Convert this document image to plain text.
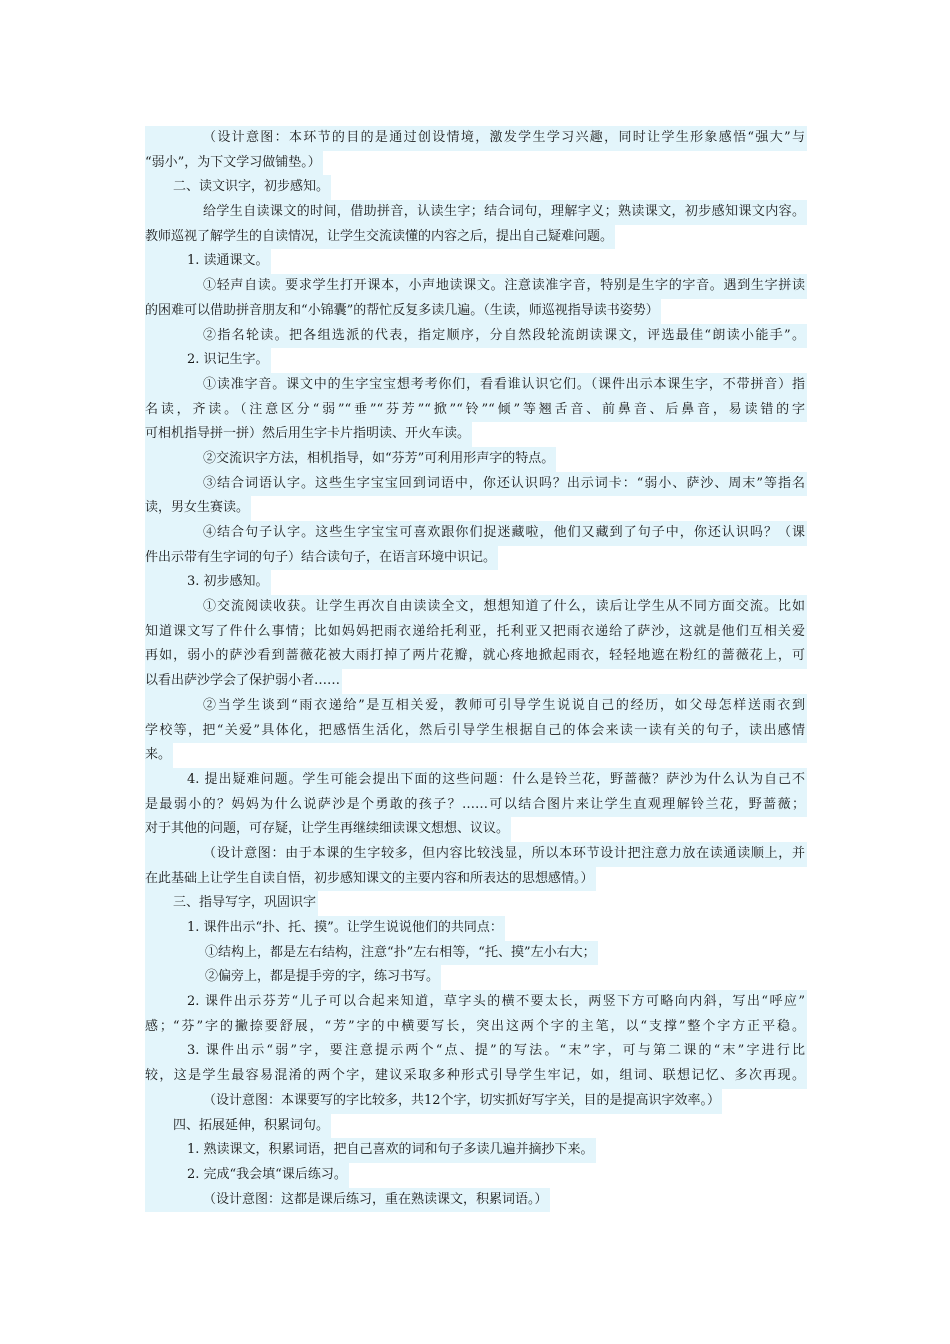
（设计意图：本环节的目的是通过创设情境，激发学生学习兴趣，同时让学生形象感悟“强大”与
“弱小”，为下文学习做铺垫。）
二、读文识字，初步感知。
给学生自读课文的时间，借助拼音，认读生字；结合词句，理解字义；熟读课文，初步感知课文内容。
教师巡视了解学生的自读情况，让学生交流读懂的内容之后，提出自己疑难问题。
1. 读通课文。
①轻声自读。要求学生打开课本，小声地读课文。注意读准字音，特别是生字的字音。遇到生字拼读
的困难可以借助拼音朋友和“小锦囊”的帮忙反复多读几遍。（生读，师巡视指导读书姿势）
②指名轮读。把各组选派的代表，指定顺序，分自然段轮流朗读课文，评选最佳“朗读小能手”。
2. 识记生字。
①读准字音。课文中的生字宝宝想考考你们，看看谁认识它们。（课件出示本课生字，不带拼音）指
名读，齐读。（注意区分“弱”“垂”“芬芳”“掀”“铃”“倾”等翘舌音、前鼻音、后鼻音，易读错的字
可相机指导拼一拼）然后用生字卡片指明读、开火车读。
②交流识字方法，相机指导，如“芬芳”可利用形声字的特点。
③结合词语认字。这些生字宝宝回到词语中，你还认识吗？出示词卡：“弱小、萨沙、周末”等指名
读，男女生赛读。
④结合句子认字。这些生字宝宝可喜欢跟你们捉迷藏啦，他们又藏到了句子中，你还认识吗？（课
件出示带有生字词的句子）结合读句子，在语言环境中识记。
3. 初步感知。
①交流阅读收获。让学生再次自由读读全文，想想知道了什么，读后让学生从不同方面交流。比如
知道课文写了件什么事情；比如妈妈把雨衣递给托利亚，托利亚又把雨衣递给了萨沙，这就是他们互相关爱
再如，弱小的萨沙看到蔷薇花被大雨打掉了两片花瓣，就心疼地掀起雨衣，轻轻地遮在粉红的蔷薇花上，可
以看出萨沙学会了保护弱小者……
②当学生谈到“雨衣递给”是互相关爱，教师可引导学生说说自己的经历，如父母怎样送雨衣到
学校等，把“关爱”具体化，把感悟生活化，然后引导学生根据自己的体会来读一读有关的句子，读出感情
来。
4. 提出疑难问题。学生可能会提出下面的这些问题：什么是铃兰花，野蔷薇？萨沙为什么认为自己不
是最弱小的？妈妈为什么说萨沙是个勇敢的孩子？……可以结合图片来让学生直观理解铃兰花，野蔷薇；
对于其他的问题，可存疑，让学生再继续细读课文想想、议议。
（设计意图：由于本课的生字较多，但内容比较浅显，所以本环节设计把注意力放在读通读顺上，并
在此基础上让学生自读自悟，初步感知课文的主要内容和所表达的思想感情。）
三、指导写字，巩固识字
1. 课件出示“扑、托、摸”。让学生说说他们的共同点：
①结构上，都是左右结构，注意“扑”左右相等，“托、摸”左小右大；
②偏旁上，都是提手旁的字，练习书写。
2. 课件出示芬芳“儿子可以合起来知道，草字头的横不要太长，两竖下方可略向内斜，写出“呼应”
感；“芬”字的撇捺要舒展，“芳”字的中横要写长，突出这两个字的主笔，以“支撑”整个字方正平稳。
3. 课件出示“弱”字，要注意提示两个“点、提”的写法。“末”字，可与第二课的“末”字进行比
较，这是学生最容易混淆的两个字，建议采取多种形式引导学生牢记，如，组词、联想记忆、多次再现。
（设计意图：本课要写的字比较多，共12个字，切实抓好写字关，目的是提高识字效率。）
四、拓展延伸，积累词句。
1. 熟读课文，积累词语，把自己喜欢的词和句子多读几遍并摘抄下来。
2. 完成“我会填“课后练习。
（设计意图：这都是课后练习，重在熟读课文，积累词语。）
